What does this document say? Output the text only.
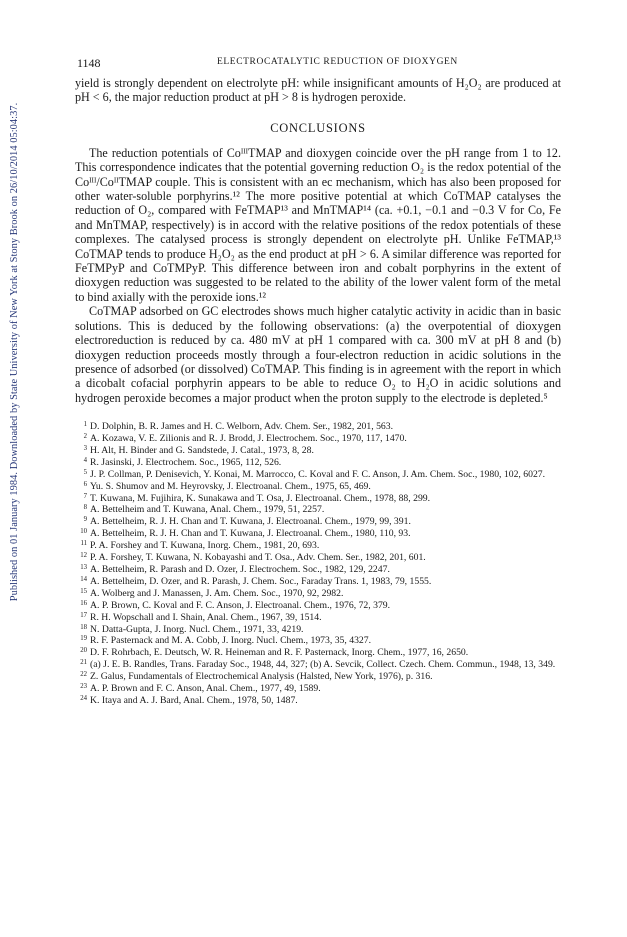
Published on 01 January 1984. Downloaded by State University of New York at Stony Brook on 26/10/2014 05:04:37.
1148	ELECTROCATALYTIC REDUCTION OF DIOXYGEN

yield is strongly dependent on electrolyte pH: while insignificant amounts of H₂O₂ are produced at pH < 6, the major reduction product at pH > 8 is hydrogen peroxide.

CONCLUSIONS

The reduction potentials of CoᴵᴵᴵTMAP and dioxygen coincide over the pH range from 1 to 12. This correspondence indicates that the potential governing reduction O₂ is the redox potential of the Coᴵᴵᴵ/CoᴵᴵTMAP couple. This is consistent with an ec mechanism, which has also been proposed for other water-soluble porphyrins.¹² The more positive potential at which CoTMAP catalyses the reduction of O₂, compared with FeTMAP¹³ and MnTMAP¹⁴ (ca. +0.1, −0.1 and −0.3 V for Co, Fe and MnTMAP, respectively) is in accord with the relative positions of the redox potentials of these complexes. The catalysed process is strongly dependent on electrolyte pH. Unlike FeTMAP,¹³ CoTMAP tends to produce H₂O₂ as the end product at pH > 6. A similar difference was reported for FeTMPyP and CoTMPyP. This difference between iron and cobalt porphyrins in the extent of dioxygen reduction was suggested to be related to the ability of the lower valent form of the metal to bind axially with the peroxide ions.¹²

CoTMAP adsorbed on GC electrodes shows much higher catalytic activity in acidic than in basic solutions. This is deduced by the following observations: (a) the overpotential of dioxygen electroreduction is reduced by ca. 480 mV at pH 1 compared with ca. 300 mV at pH 8 and (b) dioxygen reduction proceeds mostly through a four-electron reduction in acidic solutions in the presence of adsorbed (or dissolved) CoTMAP. This finding is in agreement with the report in which a dicobalt cofacial porphyrin appears to be able to reduce O₂ to H₂O in acidic solutions and hydrogen peroxide becomes a major product when the proton supply to the electrode is depleted.⁵

1 D. Dolphin, B. R. James and H. C. Welborn, Adv. Chem. Ser., 1982, 201, 563.
2 A. Kozawa, V. E. Zilionis and R. J. Brodd, J. Electrochem. Soc., 1970, 117, 1470.
3 H. Alt, H. Binder and G. Sandstede, J. Catal., 1973, 8, 28.
4 R. Jasinski, J. Electrochem. Soc., 1965, 112, 526.
5 J. P. Collman, P. Denisevich, Y. Konai, M. Marrocco, C. Koval and F. C. Anson, J. Am. Chem. Soc., 1980, 102, 6027.
6 Yu. S. Shumov and M. Heyrovsky, J. Electroanal. Chem., 1975, 65, 469.
7 T. Kuwana, M. Fujihira, K. Sunakawa and T. Osa, J. Electroanal. Chem., 1978, 88, 299.
8 A. Bettelheim and T. Kuwana, Anal. Chem., 1979, 51, 2257.
9 A. Bettelheim, R. J. H. Chan and T. Kuwana, J. Electroanal. Chem., 1979, 99, 391.
10 A. Bettelheim, R. J. H. Chan and T. Kuwana, J. Electroanal. Chem., 1980, 110, 93.
11 P. A. Forshey and T. Kuwana, Inorg. Chem., 1981, 20, 693.
12 P. A. Forshey, T. Kuwana, N. Kobayashi and T. Osa., Adv. Chem. Ser., 1982, 201, 601.
13 A. Bettelheim, R. Parash and D. Ozer, J. Electrochem. Soc., 1982, 129, 2247.
14 A. Bettelheim, D. Ozer, and R. Parash, J. Chem. Soc., Faraday Trans. 1, 1983, 79, 1555.
15 A. Wolberg and J. Manassen, J. Am. Chem. Soc., 1970, 92, 2982.
16 A. P. Brown, C. Koval and F. C. Anson, J. Electroanal. Chem., 1976, 72, 379.
17 R. H. Wopschall and I. Shain, Anal. Chem., 1967, 39, 1514.
18 N. Datta-Gupta, J. Inorg. Nucl. Chem., 1971, 33, 4219.
19 R. F. Pasternack and M. A. Cobb, J. Inorg. Nucl. Chem., 1973, 35, 4327.
20 D. F. Rohrbach, E. Deutsch, W. R. Heineman and R. F. Pasternack, Inorg. Chem., 1977, 16, 2650.
21 (a) J. E. B. Randles, Trans. Faraday Soc., 1948, 44, 327; (b) A. Sevcik, Collect. Czech. Chem. Commun., 1948, 13, 349.
22 Z. Galus, Fundamentals of Electrochemical Analysis (Halsted, New York, 1976), p. 316.
23 A. P. Brown and F. C. Anson, Anal. Chem., 1977, 49, 1589.
24 K. Itaya and A. J. Bard, Anal. Chem., 1978, 50, 1487.
